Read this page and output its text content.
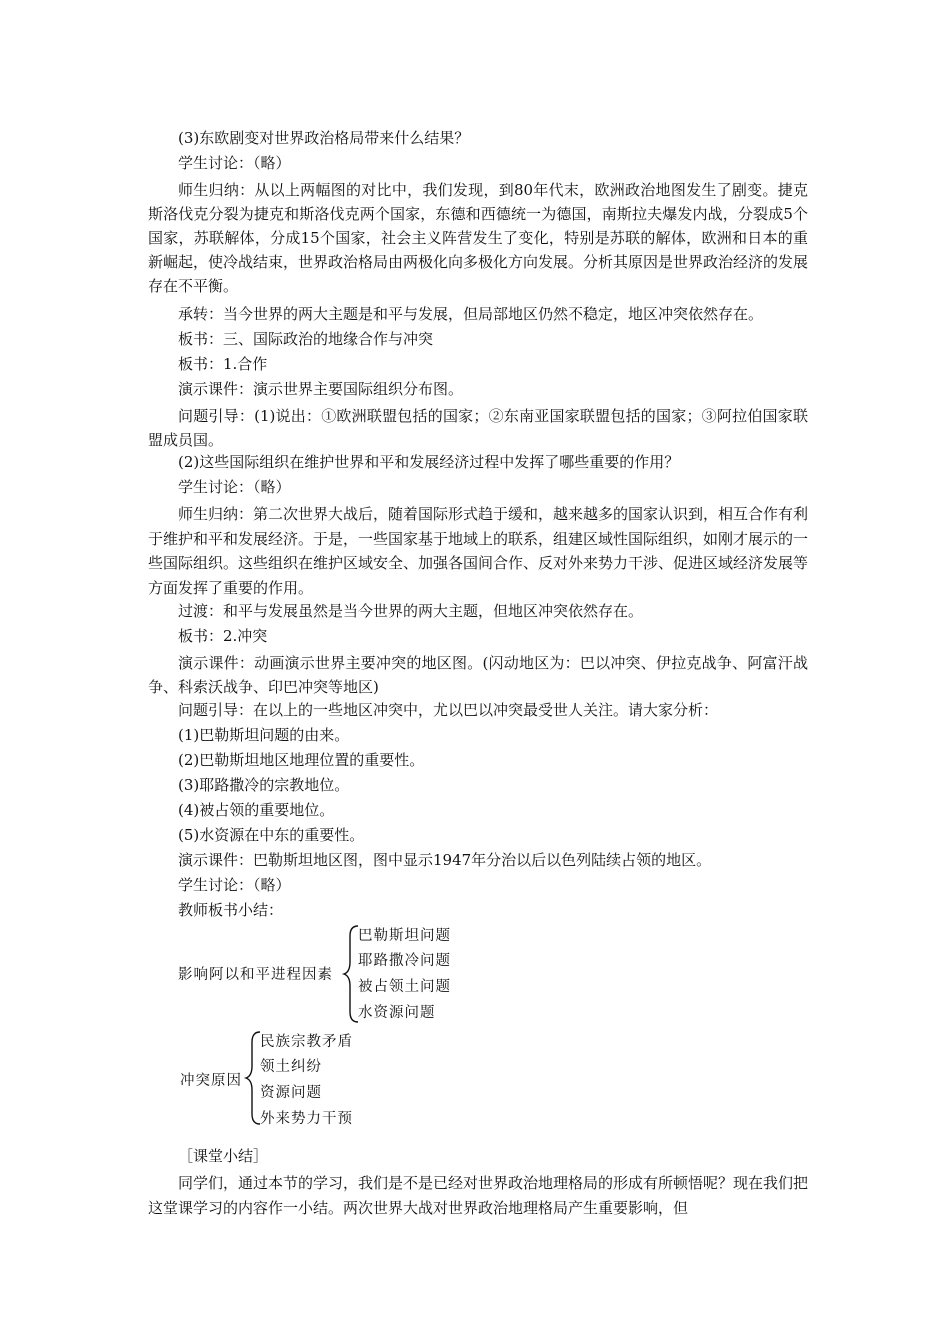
(3)东欧剧变对世界政治格局带来什么结果？

学生讨论：（略）

师生归纳：从以上两幅图的对比中，我们发现，到80年代末，欧洲政治地图发生了剧变。捷克斯洛伐克分裂为捷克和斯洛伐克两个国家，东德和西德统一为德国，南斯拉夫爆发内战，分裂成5个国家，苏联解体，分成15个国家，社会主义阵营发生了变化，特别是苏联的解体，欧洲和日本的重新崛起，使冷战结束，世界政治格局由两极化向多极化方向发展。分析其原因是世界政治经济的发展存在不平衡。

承转：当今世界的两大主题是和平与发展，但局部地区仍然不稳定，地区冲突依然存在。

板书：三、国际政治的地缘合作与冲突

板书：1.合作

演示课件：演示世界主要国际组织分布图。

问题引导：(1)说出：①欧洲联盟包括的国家；②东南亚国家联盟包括的国家；③阿拉伯国家联盟成员国。

(2)这些国际组织在维护世界和平和发展经济过程中发挥了哪些重要的作用？

学生讨论：（略）

师生归纳：第二次世界大战后，随着国际形式趋于缓和，越来越多的国家认识到，相互合作有利于维护和平和发展经济。于是，一些国家基于地域上的联系，组建区域性国际组织，如刚才展示的一些国际组织。这些组织在维护区域安全、加强各国间合作、反对外来势力干涉、促进区域经济发展等方面发挥了重要的作用。

过渡：和平与发展虽然是当今世界的两大主题，但地区冲突依然存在。

板书：2.冲突

演示课件：动画演示世界主要冲突的地区图。(闪动地区为：巴以冲突、伊拉克战争、阿富汗战争、科索沃战争、印巴冲突等地区)

问题引导：在以上的一些地区冲突中，尤以巴以冲突最受世人关注。请大家分析：

(1)巴勒斯坦问题的由来。

(2)巴勒斯坦地区地理位置的重要性。

(3)耶路撒冷的宗教地位。

(4)被占领的重要地位。

(5)水资源在中东的重要性。

演示课件：巴勒斯坦地区图，图中显示1947年分治以后以色列陆续占领的地区。

学生讨论：（略）

教师板书小结：

影响阿以和平进程因素
巴勒斯坦问题
耶路撒冷问题
被占领土问题
水资源问题
冲突原因
民族宗教矛盾
领土纠纷
资源问题
外来势力干预

［课堂小结］

同学们，通过本节的学习，我们是不是已经对世界政治地理格局的形成有所顿悟呢？现在我们把这堂课学习的内容作一小结。两次世界大战对世界政治地理格局产生重要影响，但
